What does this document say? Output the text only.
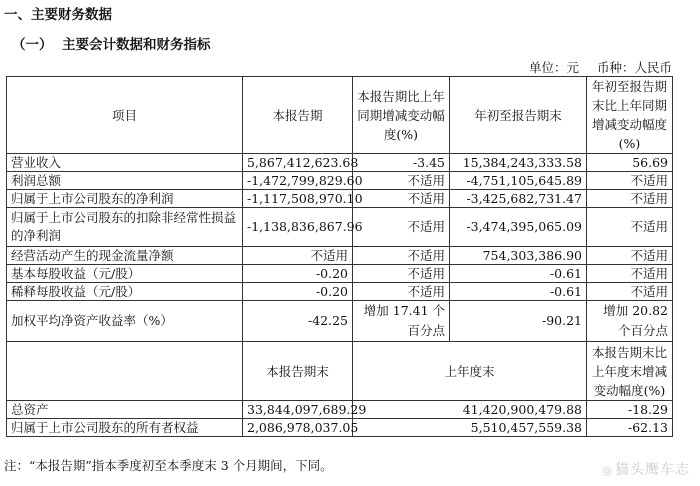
一、主要财务数据
（一） 主要会计数据和财务指标
单位：元 币种：人民币
项目	本报告期	本报告期比上年同期增减变动幅度(%)	年初至报告期末	年初至报告期末比上年同期增减变动幅度(%)
营业收入	5,867,412,623.68	-3.45	15,384,243,333.58	56.69
利润总额	-1,472,799,829.60	不适用	-4,751,105,645.89	不适用
归属于上市公司股东的净利润	-1,117,508,970.10	不适用	-3,425,682,731.47	不适用
归属于上市公司股东的扣除非经常性损益的净利润	-1,138,836,867.96	不适用	-3,474,395,065.09	不适用
经营活动产生的现金流量净额	不适用	不适用	754,303,386.90	不适用
基本每股收益（元/股）	-0.20	不适用	-0.61	不适用
稀释每股收益（元/股）	-0.20	不适用	-0.61	不适用
加权平均净资产收益率（%）	-42.25	增加 17.41 个百分点	-90.21	增加 20.82 个百分点
	本报告期末	上年度末		本报告期末比上年度末增减变动幅度(%)
总资产	33,844,097,689.29	41,420,900,479.88		-18.29
归属于上市公司股东的所有者权益	2,086,978,037.05	5,510,457,559.38		-62.13
注：“本报告期”指本季度初至本季度末 3 个月期间，下同。	◎ 猫头鹰车志
